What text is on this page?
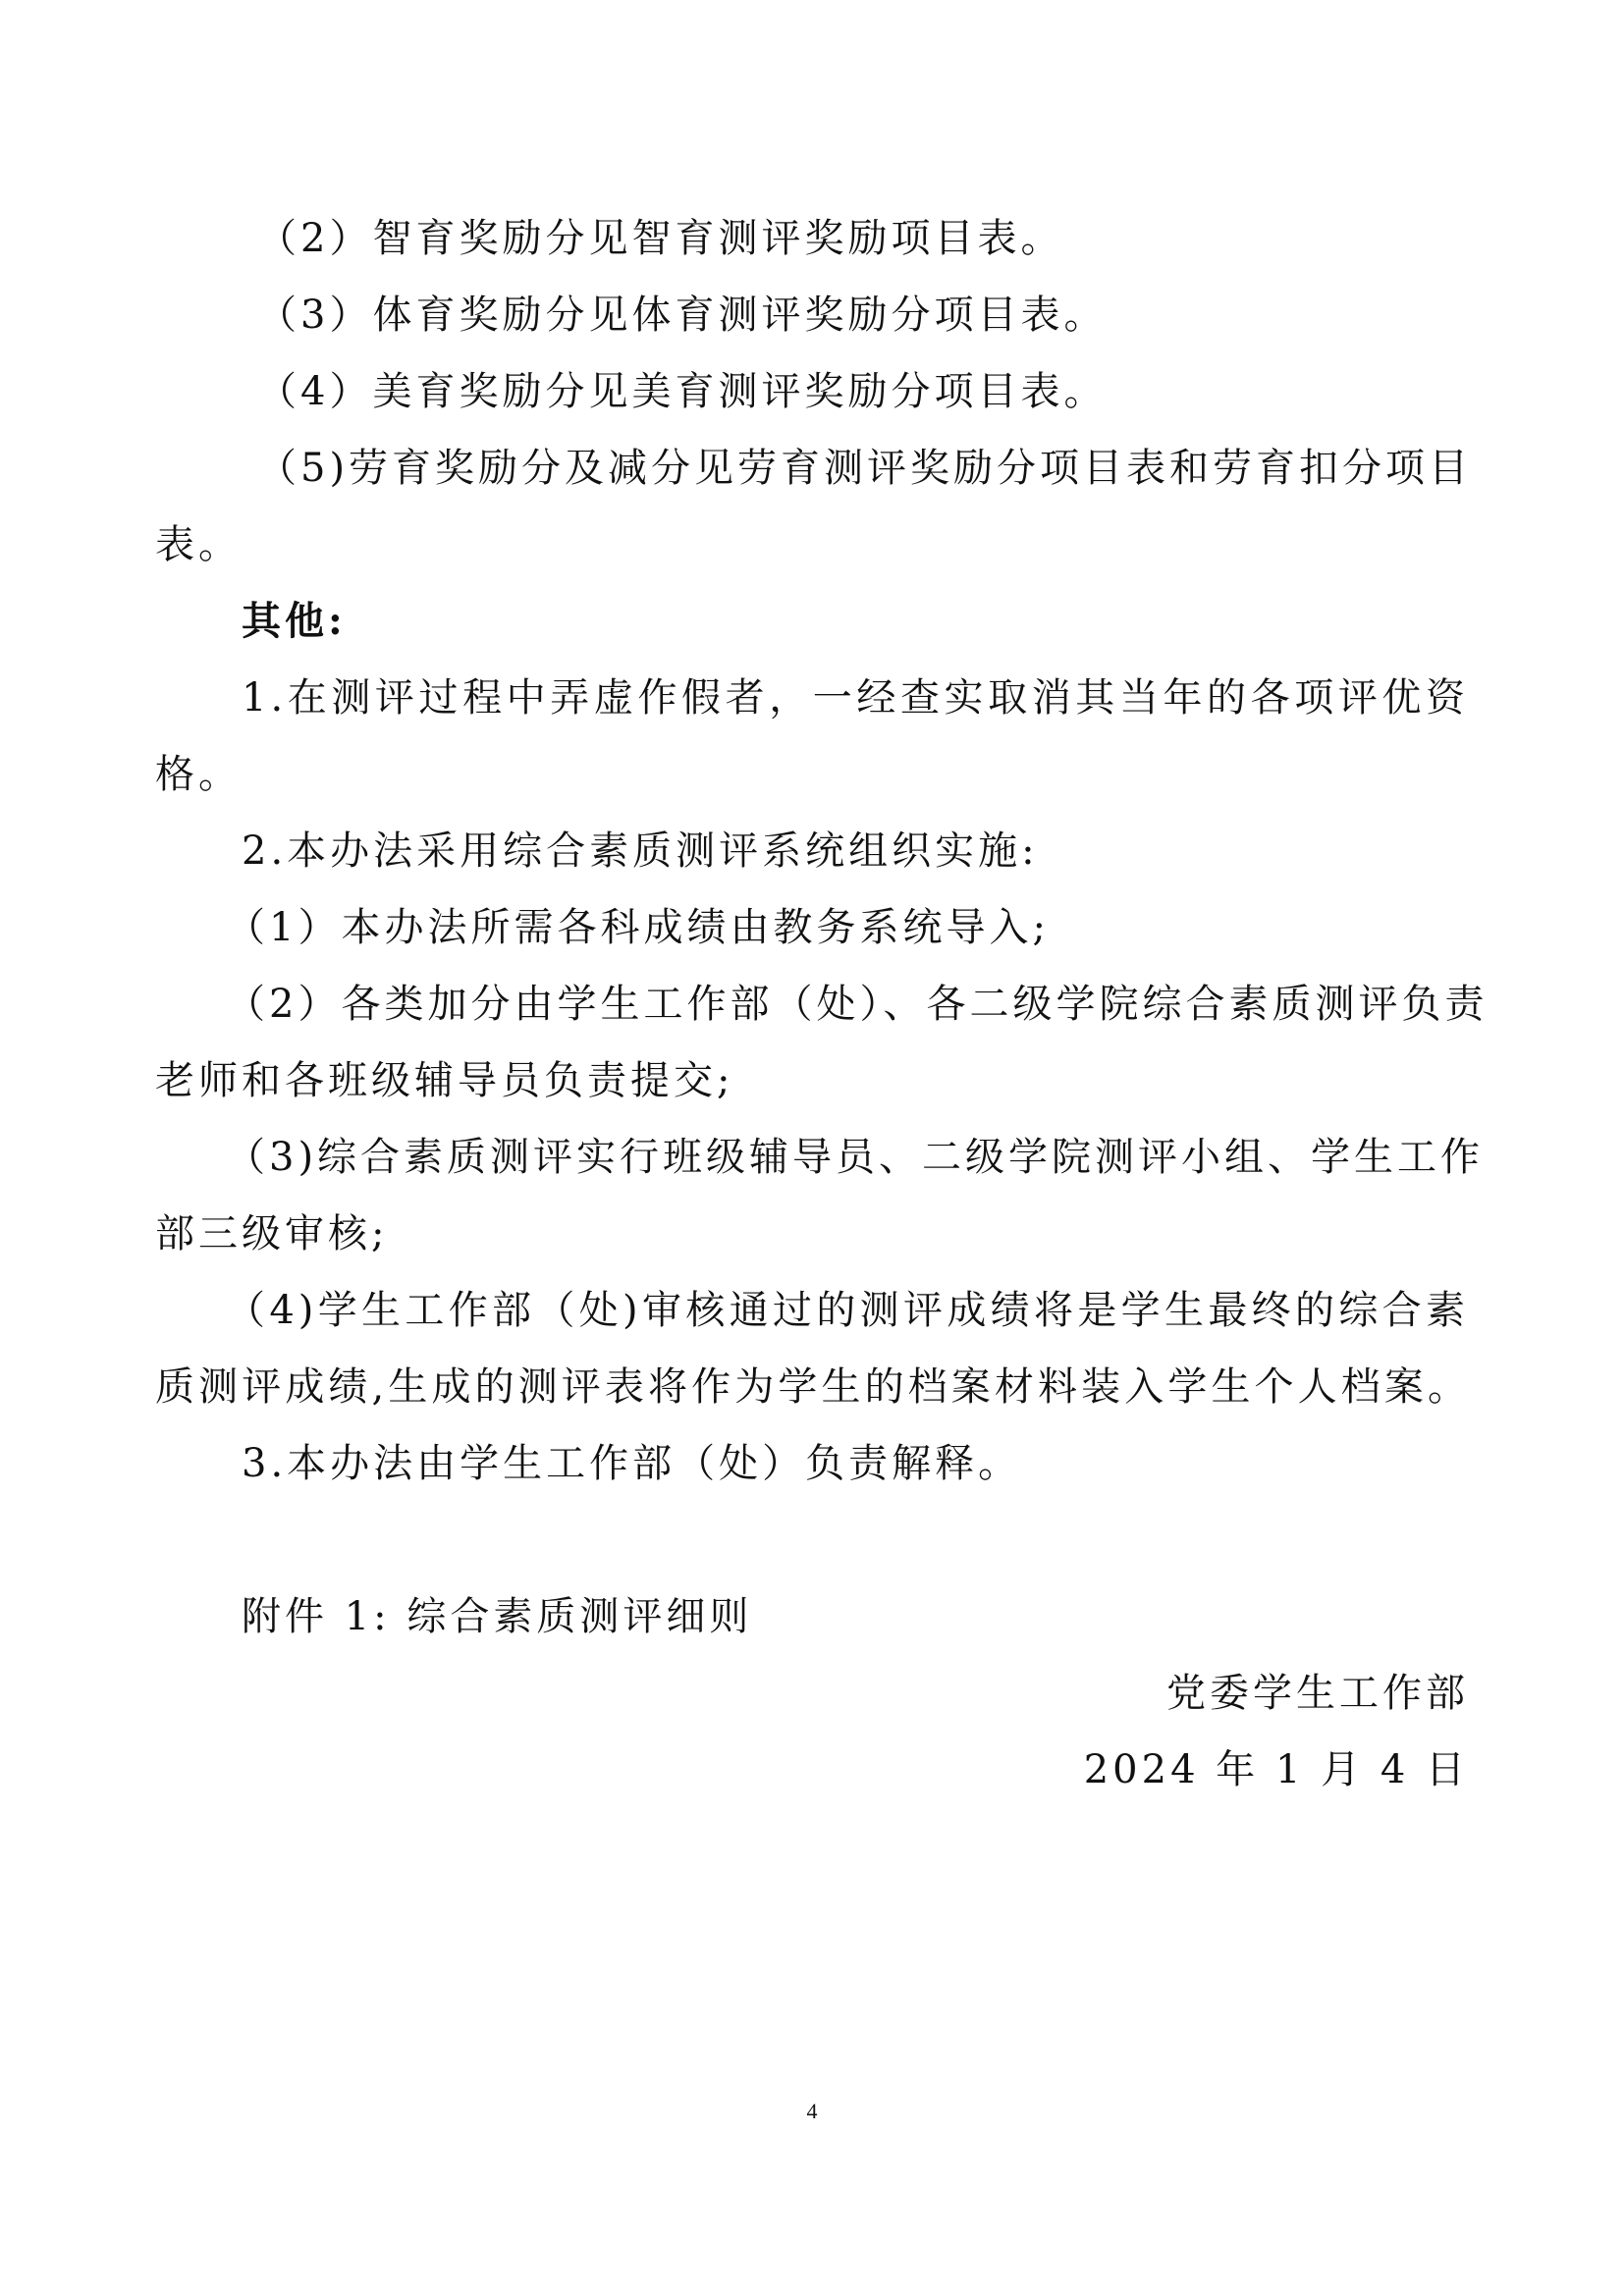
（2）智育奖励分见智育测评奖励项目表。
（3）体育奖励分见体育测评奖励分项目表。
（4）美育奖励分见美育测评奖励分项目表。
（5)劳育奖励分及减分见劳育测评奖励分项目表和劳育扣分项目
表。
其他:
1.在测评过程中弄虚作假者，一经查实取消其当年的各项评优资
格。
2.本办法采用综合素质测评系统组织实施:
（1）本办法所需各科成绩由教务系统导入;
（2）各类加分由学生工作部（处）、各二级学院综合素质测评负责
老师和各班级辅导员负责提交;
（3)综合素质测评实行班级辅导员、二级学院测评小组、学生工作
部三级审核;
（4)学生工作部（处)审核通过的测评成绩将是学生最终的综合素
质测评成绩,生成的测评表将作为学生的档案材料装入学生个人档案。
3.本办法由学生工作部（处）负责解释。
附件 1: 综合素质测评细则
党委学生工作部
2024 年 1 月 4 日
4
